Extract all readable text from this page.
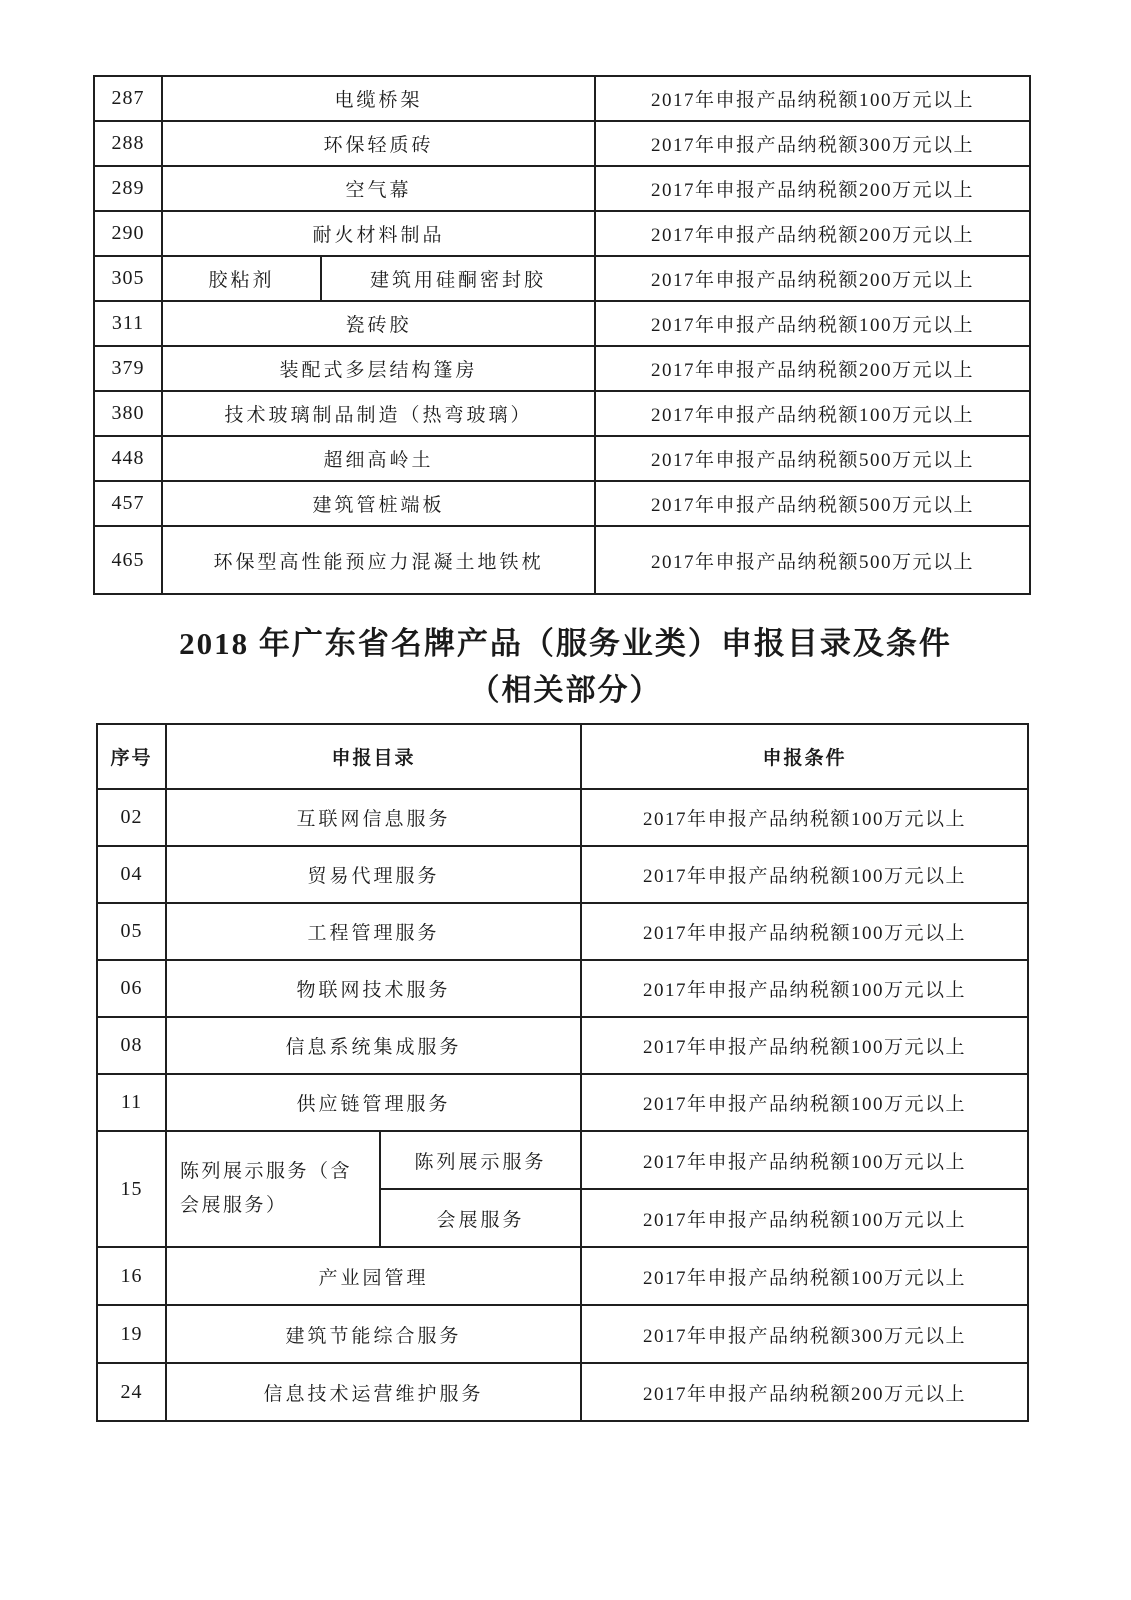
287	电缆桥架		2017年申报产品纳税额100万元以上
288	环保轻质砖		2017年申报产品纳税额300万元以上
289	空气幕		2017年申报产品纳税额200万元以上
290	耐火材料制品		2017年申报产品纳税额200万元以上
305	胶粘剂	建筑用硅酮密封胶	2017年申报产品纳税额200万元以上
311	瓷砖胶		2017年申报产品纳税额100万元以上
379	装配式多层结构篷房		2017年申报产品纳税额200万元以上
380	技术玻璃制品制造（热弯玻璃）		2017年申报产品纳税额100万元以上
448	超细高岭土		2017年申报产品纳税额500万元以上
457	建筑管桩端板		2017年申报产品纳税额500万元以上
465	环保型高性能预应力混凝土地铁枕		2017年申报产品纳税额500万元以上
2018 年广东省名牌产品（服务业类）申报目录及条件
（相关部分）
序号	申报目录		申报条件
02	互联网信息服务		2017年申报产品纳税额100万元以上
04	贸易代理服务		2017年申报产品纳税额100万元以上
05	工程管理服务		2017年申报产品纳税额100万元以上
06	物联网技术服务		2017年申报产品纳税额100万元以上
08	信息系统集成服务		2017年申报产品纳税额100万元以上
11	供应链管理服务		2017年申报产品纳税额100万元以上
15	陈列展示服务（含会展服务）	陈列展示服务	2017年申报产品纳税额100万元以上
		会展服务	2017年申报产品纳税额100万元以上
16	产业园管理		2017年申报产品纳税额100万元以上
19	建筑节能综合服务		2017年申报产品纳税额300万元以上
24	信息技术运营维护服务		2017年申报产品纳税额200万元以上
